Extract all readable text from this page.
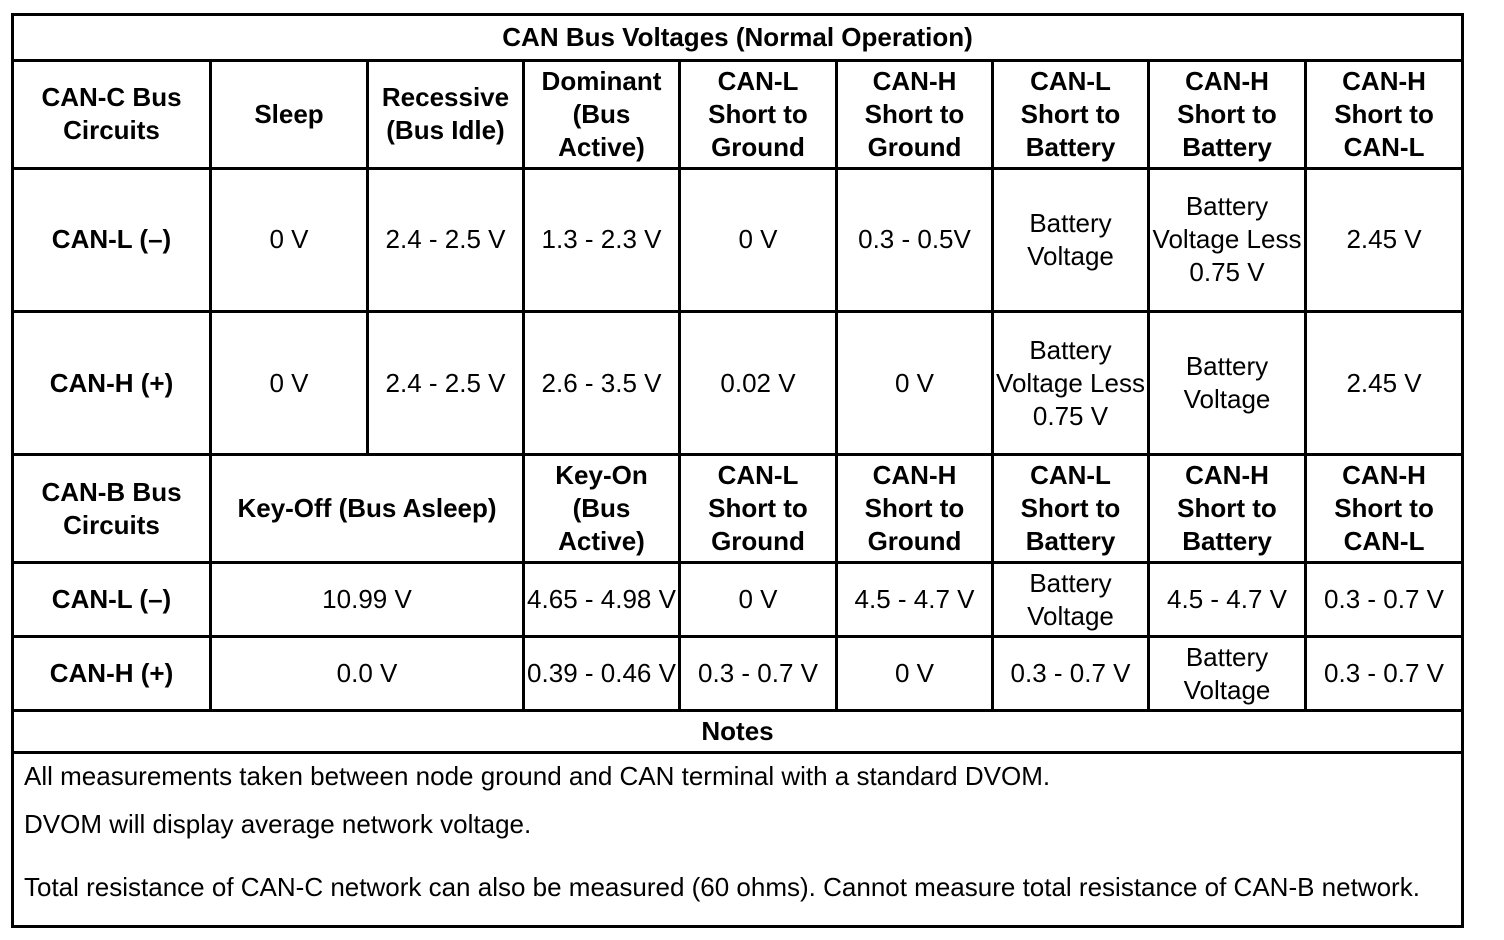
CAN Bus Voltages (Normal Operation)								
CAN-C Bus Circuits	Sleep	Recessive (Bus Idle)	Dominant (Bus Active)	CAN-L Short to Ground	CAN-H Short to Ground	CAN-L Short to Battery	CAN-H Short to Battery	CAN-H Short to CAN-L
CAN-L (–)	0 V	2.4 - 2.5 V	1.3 - 2.3 V	0 V	0.3 - 0.5V	Battery Voltage	Battery Voltage Less 0.75 V	2.45 V
CAN-H (+)	0 V	2.4 - 2.5 V	2.6 - 3.5 V	0.02 V	0 V	Battery Voltage Less 0.75 V	Battery Voltage	2.45 V
CAN-B Bus Circuits	Key-Off (Bus Asleep)		Key-On (Bus Active)	CAN-L Short to Ground	CAN-H Short to Ground	CAN-L Short to Battery	CAN-H Short to Battery	CAN-H Short to CAN-L
CAN-L (–)	10.99 V		4.65 - 4.98 V	0 V	4.5 - 4.7 V	Battery Voltage	4.5 - 4.7 V	0.3 - 0.7 V
CAN-H (+)	0.0 V		0.39 - 0.46 V	0.3 - 0.7 V	0 V	0.3 - 0.7 V	Battery Voltage	0.3 - 0.7 V
Notes								
All measurements taken between node ground and CAN terminal with a standard DVOM.								
DVOM will display average network voltage.								
Total resistance of CAN-C network can also be measured (60 ohms). Cannot measure total resistance of CAN-B network.								
